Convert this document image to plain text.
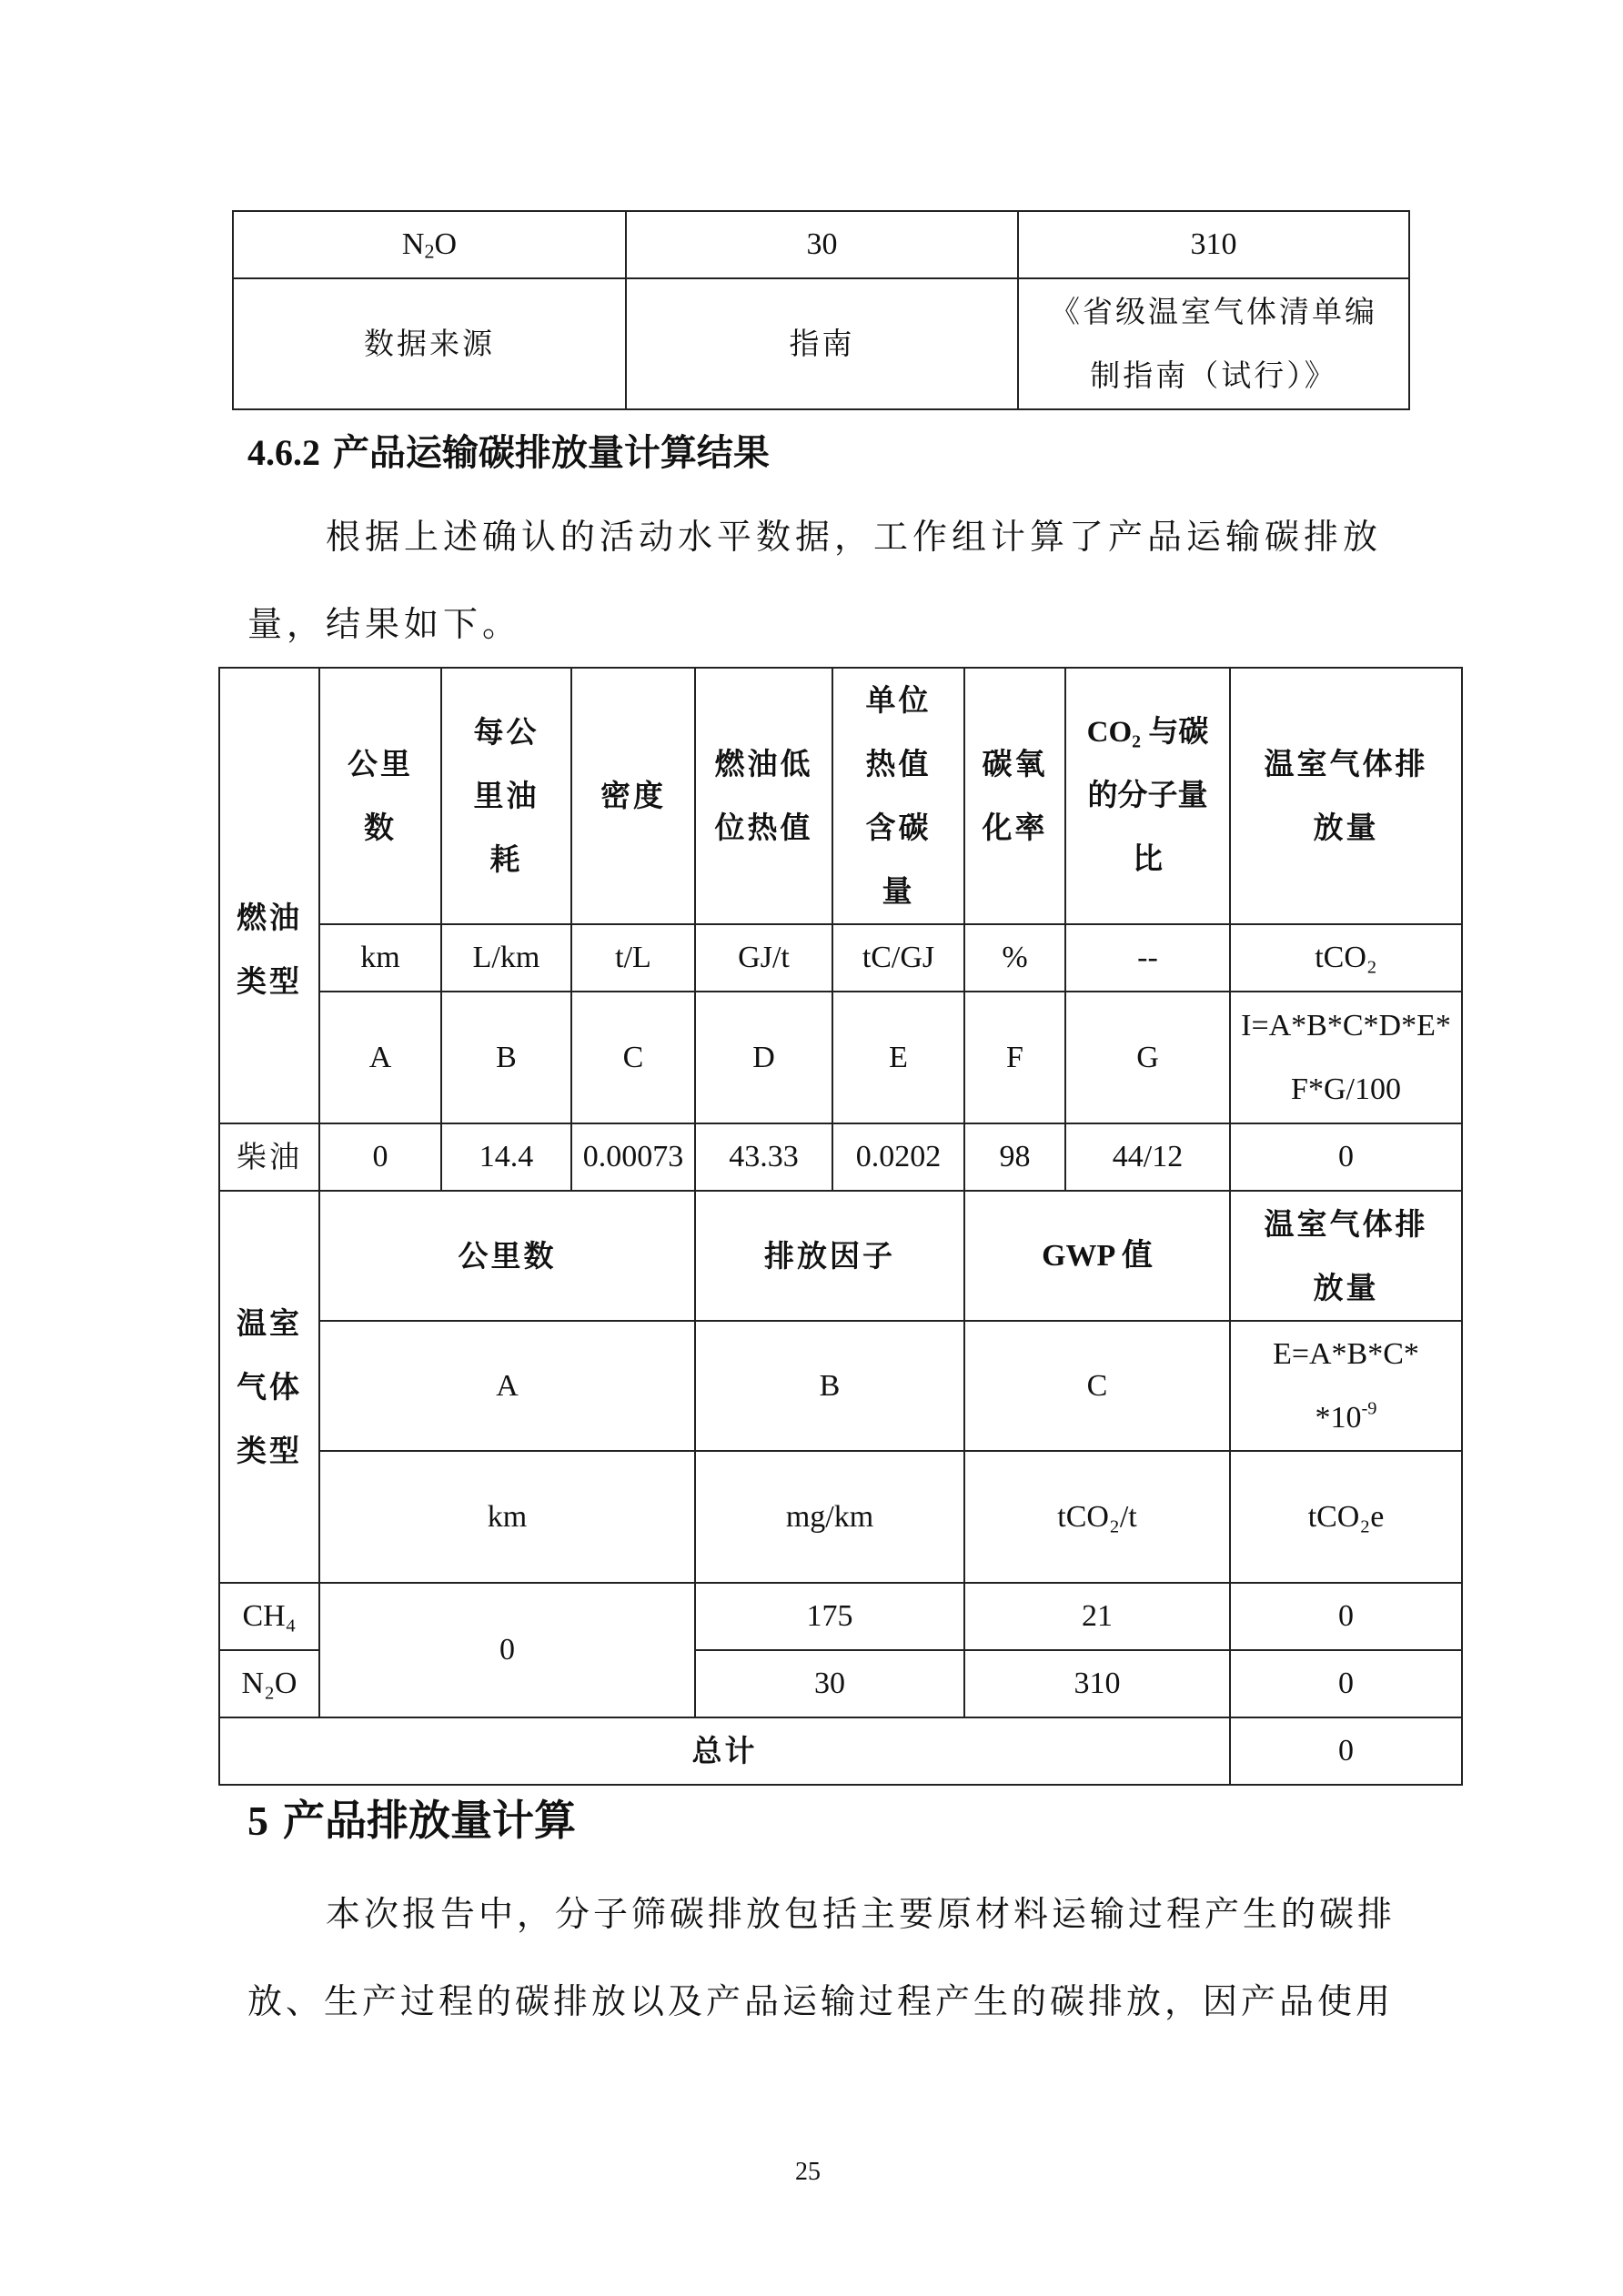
$N_2O$	30	310
数据来源	指南	《省级温室气体清单编制指南（试行）》
4.6.2 产品运输碳排放量计算结果
根据上述确认的活动水平数据，工作组计算了产品运输碳排放
量，结果如下。
燃油类型	公里数	每公里油耗	密度	燃油低位热值	单位热值含碳量	碳氧化率	CO₂ 与碳的分子量比	温室气体排放量
	km	L/km	t/L	GJ/t	tC/GJ	%	--	tCO₂
	A	B	C	D	E	F	G	I=A*B*C*D*E*F*G/100
柴油	0	14.4	0.00073	43.33	0.0202	98	44/12	0
温室气体类型	公里数			排放因子		GWP 值		温室气体排放量
	A			B		C		E=A*B*C*
$*10^{-9}$
	km			mg/km		tCO₂/t		tCO₂e
CH₄	0			175		21		0
N₂O				30		310		0
总计								0
5 产品排放量计算
本次报告中，分子筛碳排放包括主要原材料运输过程产生的碳排
放、生产过程的碳排放以及产品运输过程产生的碳排放，因产品使用
25
